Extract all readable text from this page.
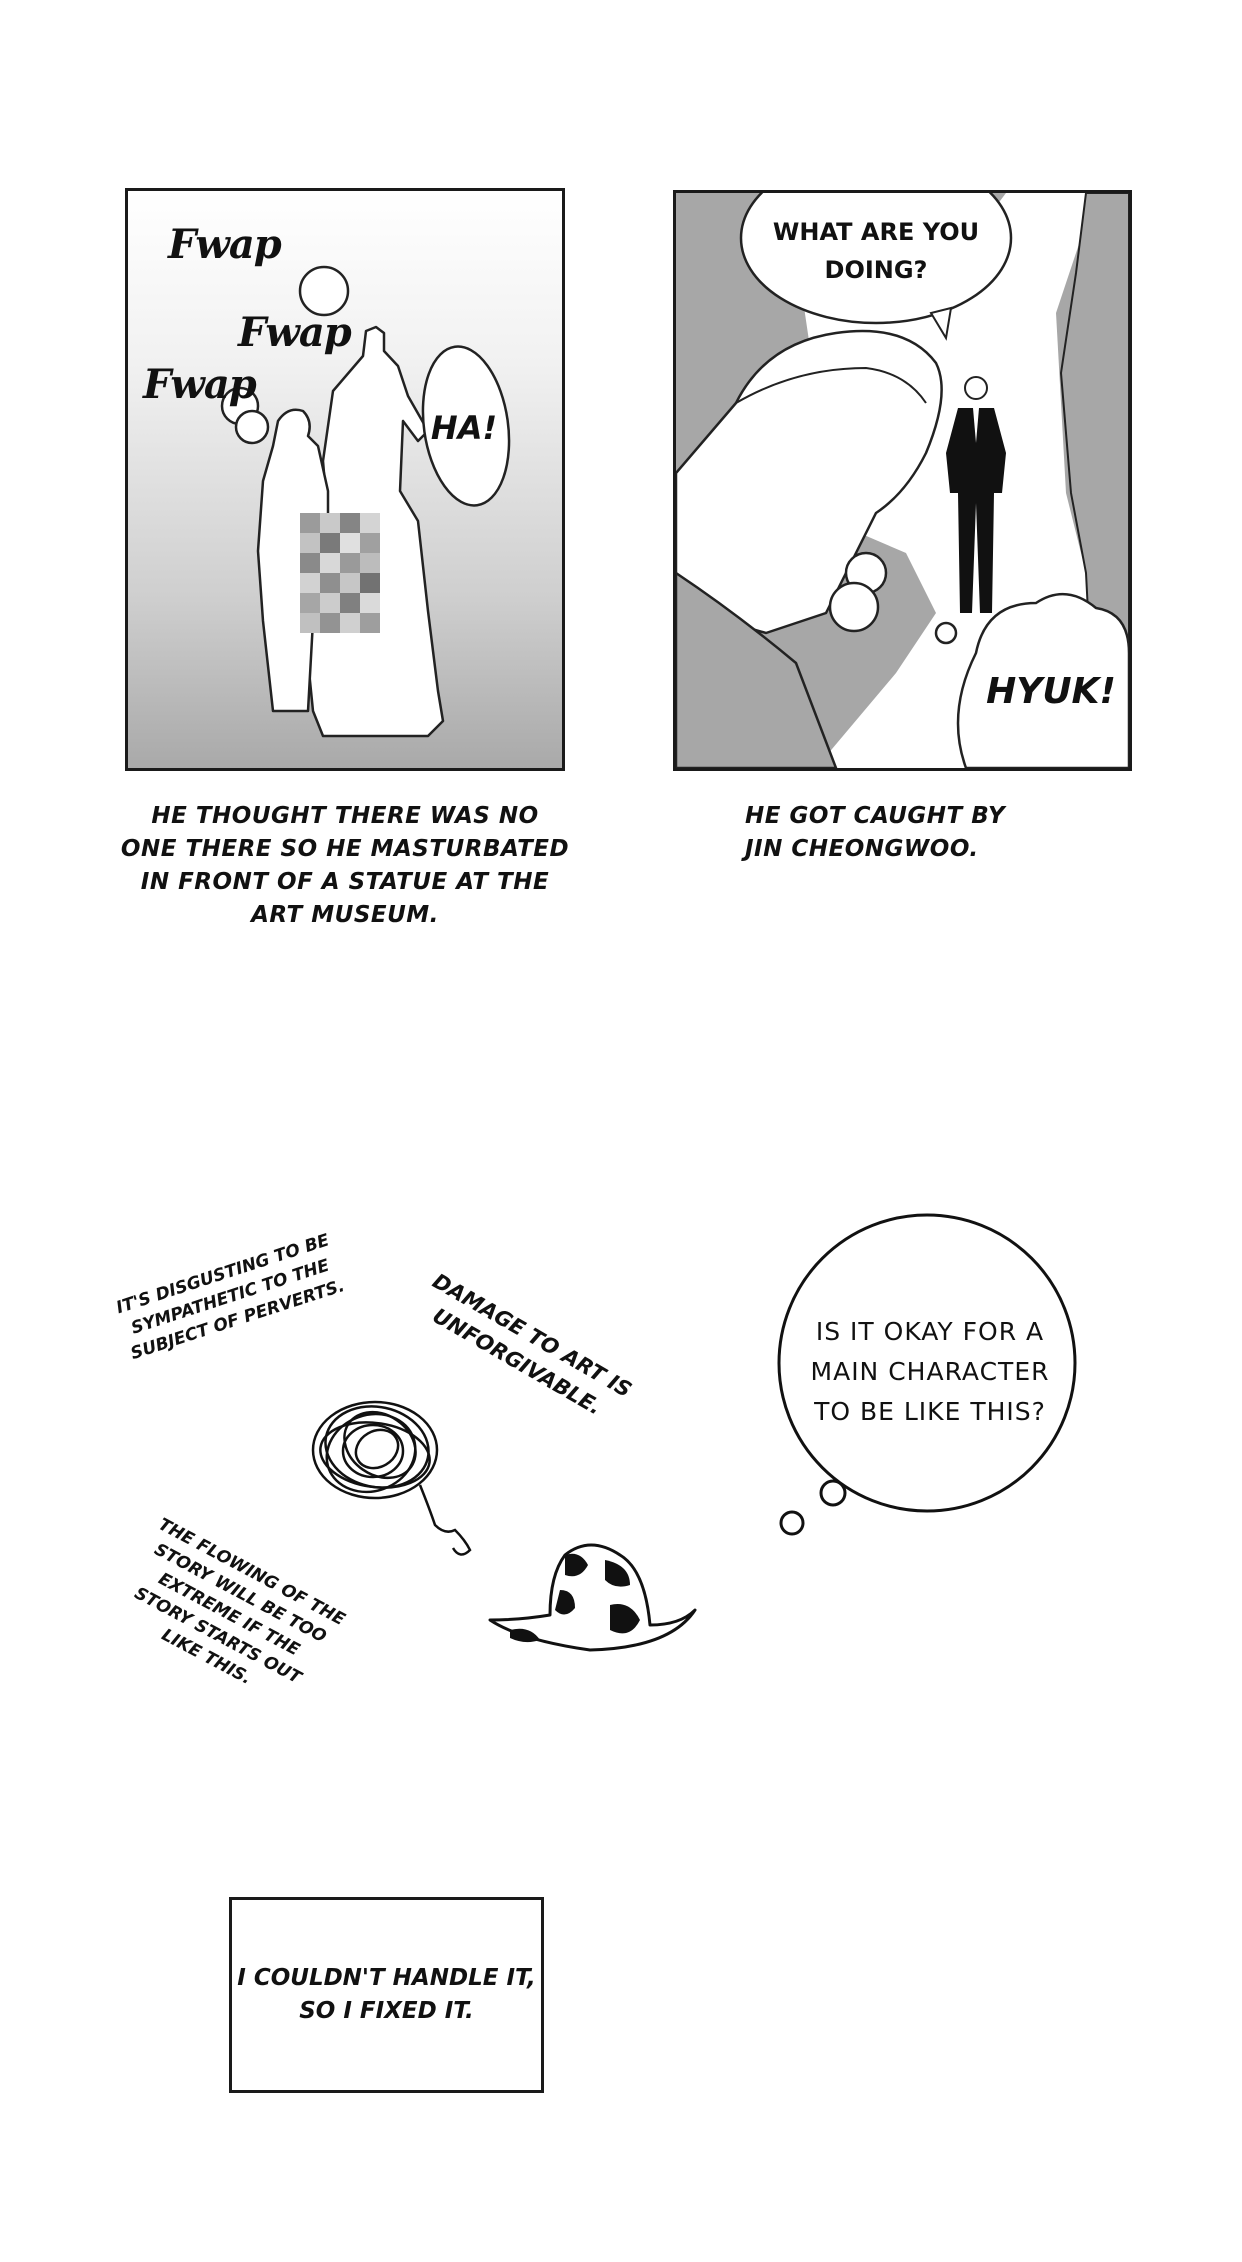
Fwap
Fwap
Fwap
HA!
HE THOUGHT THERE WAS NO ONE THERE SO HE MASTURBATED IN FRONT OF A STATUE AT THE ART MUSEUM.
WHAT ARE YOU DOING?
HYUK!
HE GOT CAUGHT BY JIN CHEONGWOO.
IT'S DISGUSTING TO BE SYMPATHETIC TO THE SUBJECT OF PERVERTS.	DAMAGE TO ART IS UNFORGIVABLE.
THE FLOWING OF THE STORY WILL BE TOO EXTREME IF THE STORY STARTS OUT LIKE THIS.
IS IT OKAY FOR A MAIN CHARACTER TO BE LIKE THIS?
I COULDN'T HANDLE IT, SO I FIXED IT.
